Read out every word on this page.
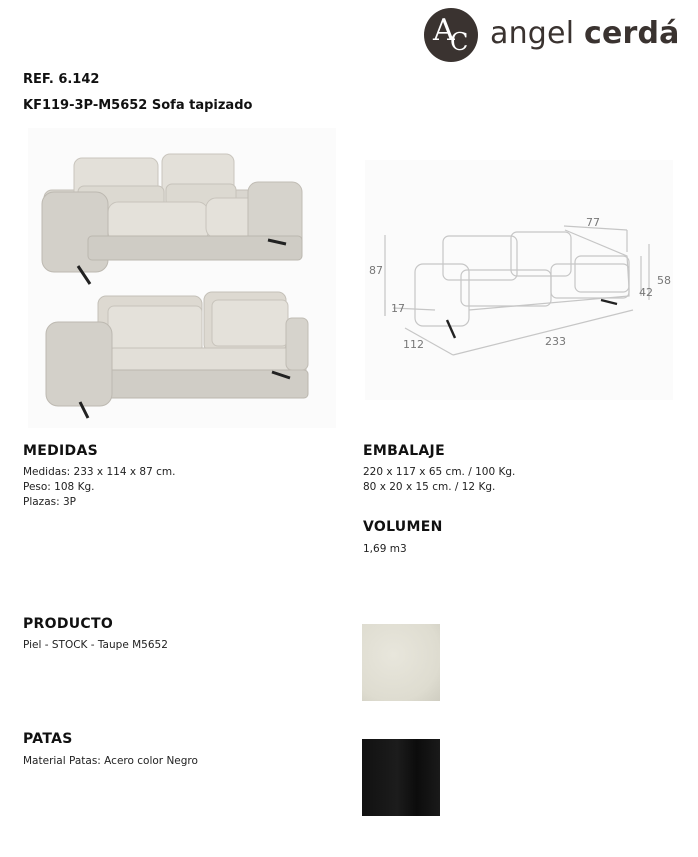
A
C angel cerdá
REF. 6.142
KF119-3P-M5652 Sofa tapizado
77
87
58
42
17
112	233
MEDIDAS
Medidas: 233 x 114 x 87 cm.
Peso: 108 Kg.
Plazas: 3P
EMBALAJE
220 x 117 x 65 cm. / 100 Kg.
80 x 20 x 15 cm. / 12 Kg.
VOLUMEN
1,69 m3
PRODUCTO
Piel - STOCK - Taupe M5652
PATAS
Material Patas: Acero color Negro
